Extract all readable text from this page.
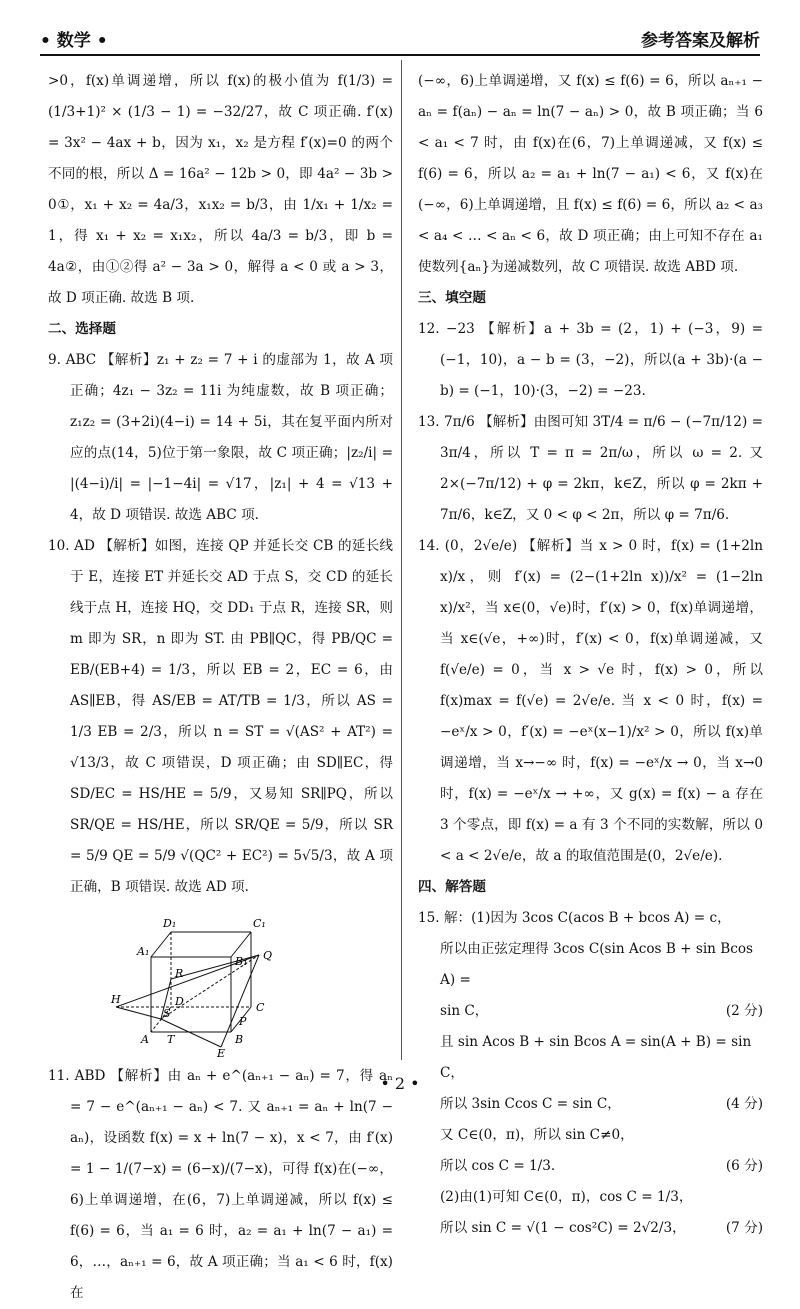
• 数学 •	参考答案及解析

>0，f(x)单调递增，所以 f(x)的极小值为 f(1/3) = (1/3+1)² × (1/3 − 1) = −32/27，故 C 项正确. f′(x) = 3x² − 4ax + b，因为 x₁，x₂ 是方程 f′(x)=0 的两个不同的根，所以 Δ = 16a² − 12b > 0，即 4a² − 3b > 0①，x₁ + x₂ = 4a/3，x₁x₂ = b/3，由 1/x₁ + 1/x₂ = 1，得 x₁ + x₂ = x₁x₂，所以 4a/3 = b/3，即 b = 4a②，由①②得 a² − 3a > 0，解得 a < 0 或 a > 3，故 D 项正确. 故选 B 项.

二、选择题

9. ABC 【解析】z₁ + z₂ = 7 + i 的虚部为 1，故 A 项正确；4z₁ − 3z₂ = 11i 为纯虚数，故 B 项正确；z₁z₂ = (3+2i)(4−i) = 14 + 5i，其在复平面内所对应的点(14，5)位于第一象限，故 C 项正确；|z₂/i| = |(4−i)/i| = |−1−4i| = √17，|z₁| + 4 = √13 + 4，故 D 项错误. 故选 ABC 项.

10. AD 【解析】如图，连接 QP 并延长交 CB 的延长线于 E，连接 ET 并延长交 AD 于点 S，交 CD 的延长线于点 H，连接 HQ，交 DD₁ 于点 R，连接 SR，则 m 即为 SR，n 即为 ST. 由 PB∥QC，得 PB/QC = EB/(EB+4) = 1/3，所以 EB = 2，EC = 6，由 AS∥EB，得 AS/EB = AT/TB = 1/3，所以 AS = 1/3 EB = 2/3，所以 n = ST = √(AS² + AT²) = √13/3，故 C 项错误，D 项正确；由 SD∥EC，得 SD/EC = HS/HE = 5/9，又易知 SR∥PQ，所以 SR/QE = HS/HE，所以 SR/QE = 5/9，所以 SR = 5/9 QE = 5/9 √(QC² + EC²) = 5√5/3，故 A 项正确，B 项错误. 故选 AD 项.

D₁	C₁
A₁
B₁ Q
R
D	C
H
S
P
A T	B
E

11. ABD 【解析】由 aₙ + e^(aₙ₊₁ − aₙ) = 7，得 aₙ = 7 − e^(aₙ₊₁ − aₙ) < 7. 又 aₙ₊₁ = aₙ + ln(7 − aₙ)，设函数 f(x) = x + ln(7 − x)，x < 7，由 f′(x) = 1 − 1/(7−x) = (6−x)/(7−x)，可得 f(x)在(−∞，6)上单调递增，在(6，7)上单调递减，所以 f(x) ≤ f(6) = 6，当 a₁ = 6 时，a₂ = a₁ + ln(7 − a₁) = 6，…，aₙ₊₁ = 6，故 A 项正确；当 a₁ < 6 时，f(x)在

(−∞，6)上单调递增，又 f(x) ≤ f(6) = 6，所以 aₙ₊₁ − aₙ = f(aₙ) − aₙ = ln(7 − aₙ) > 0，故 B 项正确；当 6 < a₁ < 7 时，由 f(x)在(6，7)上单调递减，又 f(x) ≤ f(6) = 6，所以 a₂ = a₁ + ln(7 − a₁) < 6，又 f(x)在(−∞，6)上单调递增，且 f(x) ≤ f(6) = 6，所以 a₂ < a₃ < a₄ < … < aₙ < 6，故 D 项正确；由上可知不存在 a₁ 使数列{aₙ}为递减数列，故 C 项错误. 故选 ABD 项.

三、填空题

12. −23 【解析】a + 3b = (2，1) + (−3，9) = (−1，10)，a − b = (3，−2)，所以(a + 3b)·(a − b) = (−1，10)·(3，−2) = −23.

13. 7π/6 【解析】由图可知 3T/4 = π/6 − (−7π/12) = 3π/4，所以 T = π = 2π/ω，所以 ω = 2. 又 2×(−7π/12) + φ = 2kπ，k∈Z，所以 φ = 2kπ + 7π/6，k∈Z，又 0 < φ < 2π，所以 φ = 7π/6.

14. (0，2√e/e) 【解析】当 x > 0 时，f(x) = (1+2ln x)/x，则 f′(x) = (2−(1+2ln x))/x² = (1−2ln x)/x²，当 x∈(0，√e)时，f′(x) > 0，f(x)单调递增，当 x∈(√e，+∞)时，f′(x) < 0，f(x)单调递减，又 f(√e/e) = 0，当 x > √e 时，f(x) > 0，所以 f(x)max = f(√e) = 2√e/e. 当 x < 0 时，f(x) = −eˣ/x > 0，f′(x) = −eˣ(x−1)/x² > 0，所以 f(x)单调递增，当 x→−∞ 时，f(x) = −eˣ/x → 0，当 x→0 时，f(x) = −eˣ/x → +∞，又 g(x) = f(x) − a 存在 3 个零点，即 f(x) = a 有 3 个不同的实数解，所以 0 < a < 2√e/e，故 a 的取值范围是(0，2√e/e).

四、解答题

15. 解：(1)因为 3cos C(acos B + bcos A) = c，
所以由正弦定理得 3cos C(sin Acos B + sin Bcos A) =
sin C，	(2 分)
且 sin Acos B + sin Bcos A = sin(A + B) = sin C，
所以 3sin Ccos C = sin C，	(4 分)
又 C∈(0，π)，所以 sin C≠0，
所以 cos C = 1/3.	(6 分)
(2)由(1)可知 C∈(0，π)，cos C = 1/3，
所以 sin C = √(1 − cos²C) = 2√2/3，	(7 分)
• 2 •
